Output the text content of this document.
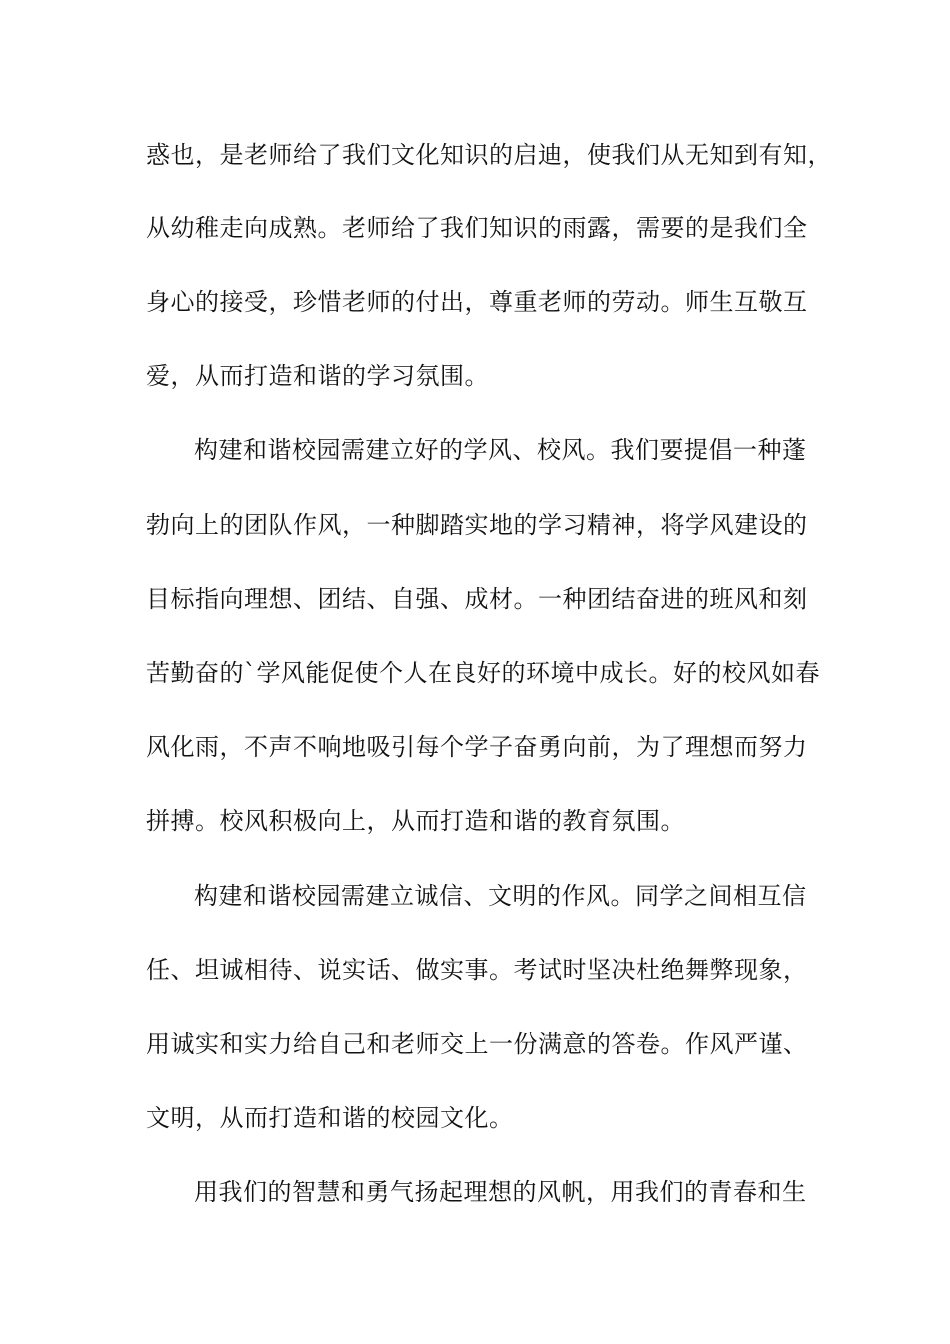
惑也，是老师给了我们文化知识的启迪，使我们从无知到有知，
从幼稚走向成熟。老师给了我们知识的雨露，需要的是我们全
身心的接受，珍惜老师的付出，尊重老师的劳动。师生互敬互
爱，从而打造和谐的学习氛围。
构建和谐校园需建立好的学风、校风。我们要提倡一种蓬
勃向上的团队作风，一种脚踏实地的学习精神，将学风建设的
目标指向理想、团结、自强、成材。一种团结奋进的班风和刻
苦勤奋的`学风能促使个人在良好的环境中成长。好的校风如春
风化雨，不声不响地吸引每个学子奋勇向前，为了理想而努力
拼搏。校风积极向上，从而打造和谐的教育氛围。
构建和谐校园需建立诚信、文明的作风。同学之间相互信
任、坦诚相待、说实话、做实事。考试时坚决杜绝舞弊现象，
用诚实和实力给自己和老师交上一份满意的答卷。作风严谨、
文明，从而打造和谐的校园文化。
用我们的智慧和勇气扬起理想的风帆，用我们的青春和生
